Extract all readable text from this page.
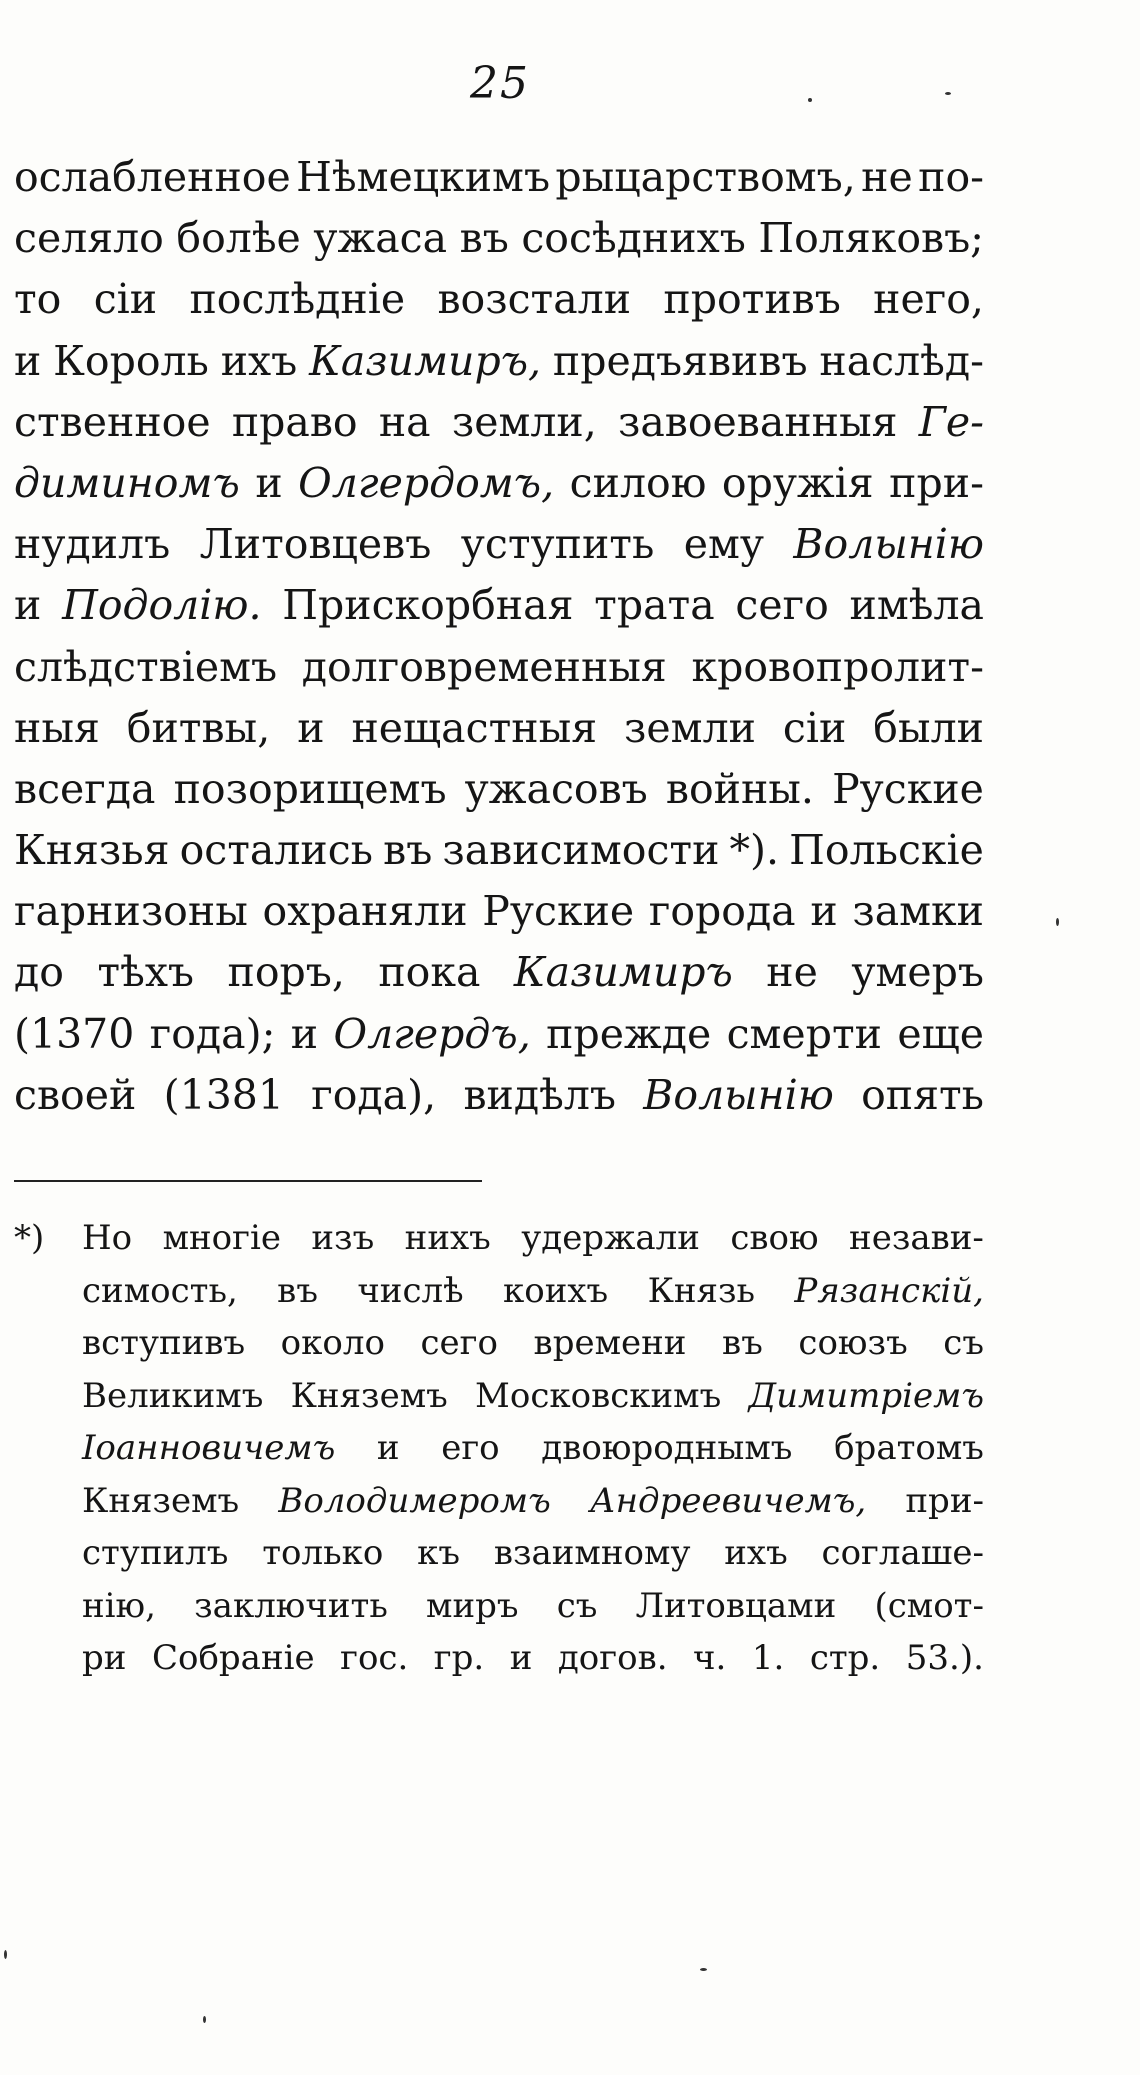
25
ослабленное Нѣмецкимъ рыцарствомъ, не по-
селяло болѣе ужаса въ сосѣднихъ Поляковъ;
то сіи послѣдніе возстали противъ него,
и Король ихъ Казимиръ, предъявивъ наслѣд-
ственное право на земли, завоеванныя Ге-
диминомъ и Олгердомъ, силою оружія при-
нудилъ Литовцевъ уступить ему Волынію
и Подолію. Прискорбная трата сего имѣла
слѣдствіемъ долговременныя кровопролит-
ныя битвы, и нещастныя земли сіи были
всегда позорищемъ ужасовъ войны. Руские
Князья остались въ зависимости *). Польскіе
гарнизоны охраняли Руские города и замки
до тѣхъ поръ, пока Казимиръ не умеръ
(1370 года); и Олгердъ, прежде смерти еще
своей (1381 года), видѣлъ Волынію опять
*)	Но многіе изъ нихъ удержали свою незави-
симость, въ числѣ коихъ Князь Рязанскій,
вступивъ около сего времени въ союзъ съ
Великимъ Княземъ Московскимъ Димитріемъ
Іоанновичемъ и его двоюроднымъ братомъ
Княземъ Володимеромъ Андреевичемъ, при-
ступилъ только къ взаимному ихъ соглаше-
нію, заключить миръ съ Литовцами (смот-
ри Собраніе гос. гр. и догов. ч. 1. стр. 53.).
